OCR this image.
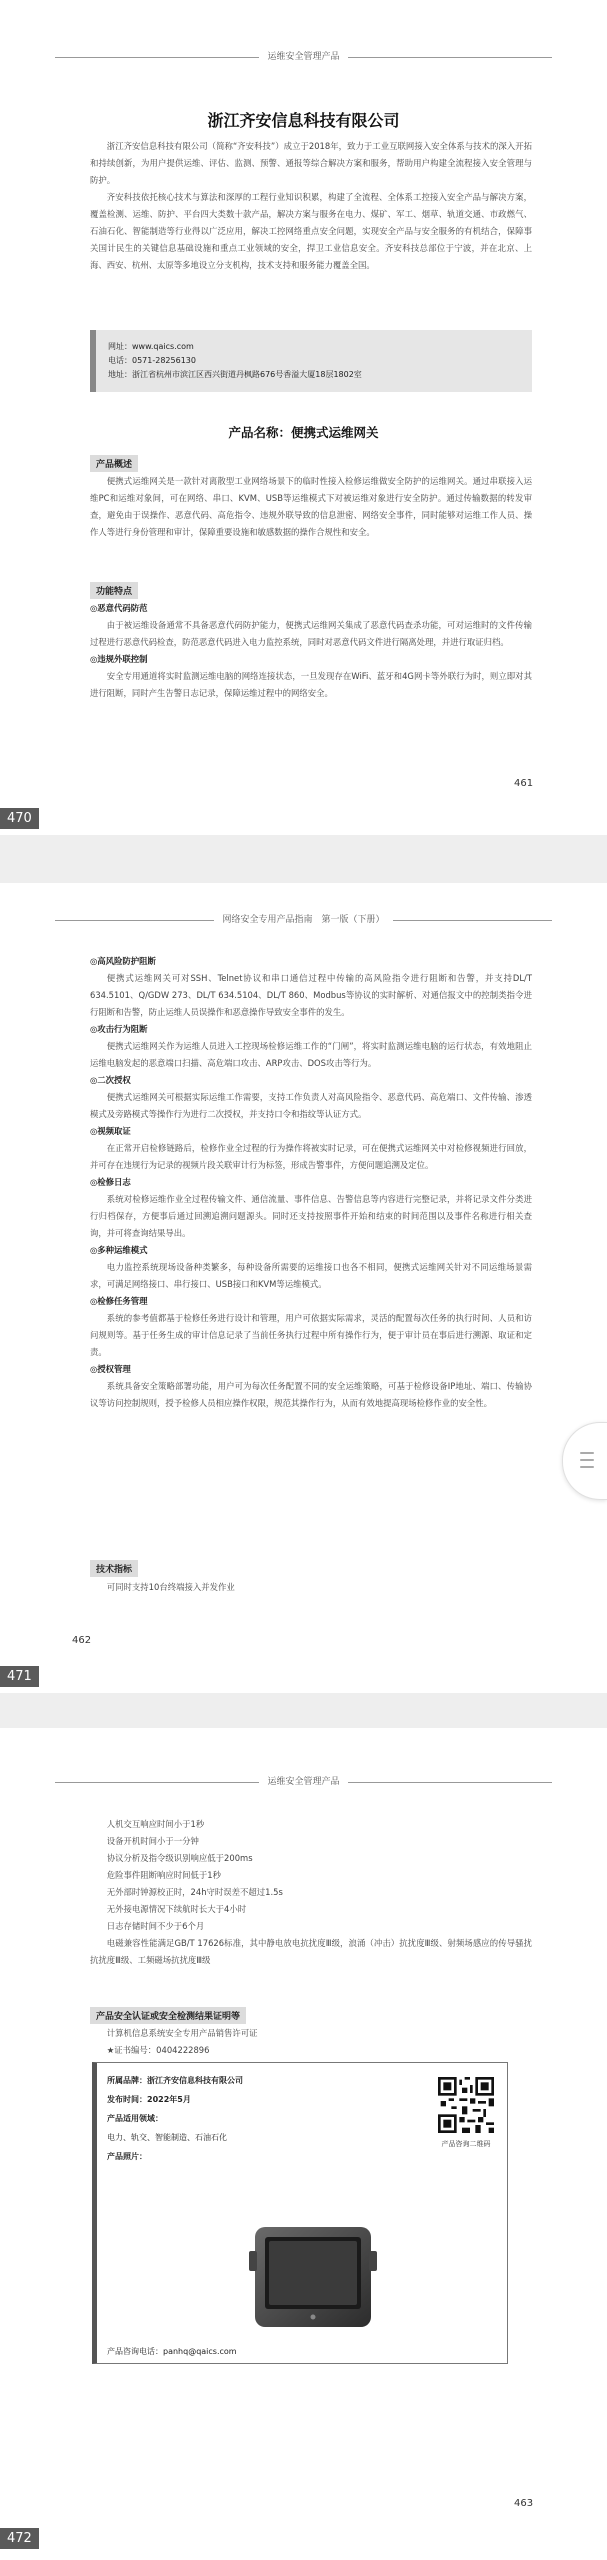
运维安全管理产品
浙江齐安信息科技有限公司

浙江齐安信息科技有限公司（简称“齐安科技”）成立于2018年，致力于工业互联网接入安全体系与技术的深入开拓和持续创新，为用户提供运维、评估、监测、预警、通报等综合解决方案和服务，帮助用户构建全流程接入安全管理与防护。

齐安科技依托核心技术与算法和深厚的工程行业知识积累，构建了全流程、全体系工控接入安全产品与解决方案，覆盖检测、运维、防护、平台四大类数十款产品，解决方案与服务在电力、煤矿、军工、烟草、轨道交通、市政燃气、石油石化、智能制造等行业得以广泛应用，解决工控网络重点安全问题，实现安全产品与安全服务的有机结合，保障事关国计民生的关键信息基础设施和重点工业领域的安全，捍卫工业信息安全。齐安科技总部位于宁波，并在北京、上海、西安、杭州、太原等多地设立分支机构，技术支持和服务能力覆盖全国。

网址：www.qaics.com
电话：0571-28256130
地址：浙江省杭州市滨江区西兴街道丹枫路676号香溢大厦18层1802室
产品名称：便携式运维网关
产品概述

便携式运维网关是一款针对离散型工业网络场景下的临时性接入检修运维做安全防护的运维网关。通过串联接入运维PC和运维对象间，可在网络、串口、KVM、USB等运维模式下对被运维对象进行安全防护。通过传输数据的转发审查，避免由于误操作、恶意代码、高危指令、违规外联导致的信息泄密、网络安全事件，同时能够对运维工作人员、操作人等进行身份管理和审计，保障重要设施和敏感数据的操作合规性和安全。

功能特点
◎恶意代码防范

由于被运维设备通常不具备恶意代码防护能力，便携式运维网关集成了恶意代码查杀功能，可对运维时的文件传输过程进行恶意代码检查，防范恶意代码进入电力监控系统，同时对恶意代码文件进行隔离处理，并进行取证归档。

◎违规外联控制

安全专用通道将实时监测运维电脑的网络连接状态，一旦发现存在WiFi、蓝牙和4G网卡等外联行为时，则立即对其进行阻断，同时产生告警日志记录，保障运维过程中的网络安全。

461
470
网络安全专用产品指南　第一版（下册）
◎高风险防护阻断
便携式运维网关可对SSH、Telnet协议和串口通信过程中传输的高风险指令进行阻断和告警，并支持DL/T 634.5101、Q/GDW 273、DL/T 634.5104、DL/T 860、Modbus等协议的实时解析、对通信报文中的控制类指令进行阻断和告警，防止运维人员误操作和恶意操作导致安全事件的发生。
◎攻击行为阻断
便携式运维网关作为运维人员进入工控现场检修运维工作的“门闸”，将实时监测运维电脑的运行状态，有效地阻止运维电脑发起的恶意端口扫描、高危端口攻击、ARP攻击、DOS攻击等行为。
◎二次授权
便携式运维网关可根据实际运维工作需要，支持工作负责人对高风险指令、恶意代码、高危端口、文件传输、渗透模式及旁路模式等操作行为进行二次授权，并支持口令和指纹等认证方式。
◎视频取证
在正常开启检修链路后，检修作业全过程的行为操作将被实时记录，可在便携式运维网关中对检修视频进行回放，并可存在违规行为记录的视频片段关联审计行为标签，形成告警事件，方便问题追溯及定位。
◎检修日志
系统对检修运维作业全过程传输文件、通信流量、事件信息、告警信息等内容进行完整记录，并将记录文件分类进行归档保存，方便事后通过回溯追溯问题源头。同时还支持按照事件开始和结束的时间范围以及事件名称进行相关查询，并可将查询结果导出。
◎多种运维模式
电力监控系统现场设备种类繁多，每种设备所需要的运维接口也各不相同，便携式运维网关针对不同运维场景需求，可满足网络接口、串行接口、USB接口和KVM等运维模式。
◎检修任务管理
系统的参考值都基于检修任务进行设计和管理，用户可依据实际需求，灵活的配置每次任务的执行时间、人员和访问规则等。基于任务生成的审计信息记录了当前任务执行过程中所有操作行为，便于审计员在事后进行溯源、取证和定责。
◎授权管理
系统具备安全策略部署功能，用户可为每次任务配置不同的安全运维策略，可基于检修设备IP地址、端口、传输协议等访问控制规则，授予检修人员相应操作权限，规范其操作行为，从而有效地提高现场检修作业的安全性。
技术指标
可同时支持10台终端接入并发作业
462
471
运维安全管理产品
人机交互响应时间小于1秒
设备开机时间小于一分钟
协议分析及指令级识别响应低于200ms
危险事件阻断响应时间低于1秒
无外部时钟源校正时，24h守时误差不超过1.5s
无外接电源情况下续航时长大于4小时
日志存储时间不少于6个月
电磁兼容性能满足GB/T 17626标准，其中静电放电抗扰度Ⅲ级，浪涌（冲击）抗扰度Ⅲ级、射频场感应的传导骚扰抗扰度Ⅲ级、工频磁场抗扰度Ⅲ级
产品安全认证或安全检测结果证明等
计算机信息系统安全专用产品销售许可证
★证书编号：0404222896
463
472
所属品牌：浙江齐安信息科技有限公司
发布时间：2022年5月
产品适用领域：
电力、轨交、智能制造、石油石化
产品照片：
产品咨询二维码
产品咨询电话：panhq@qaics.com
